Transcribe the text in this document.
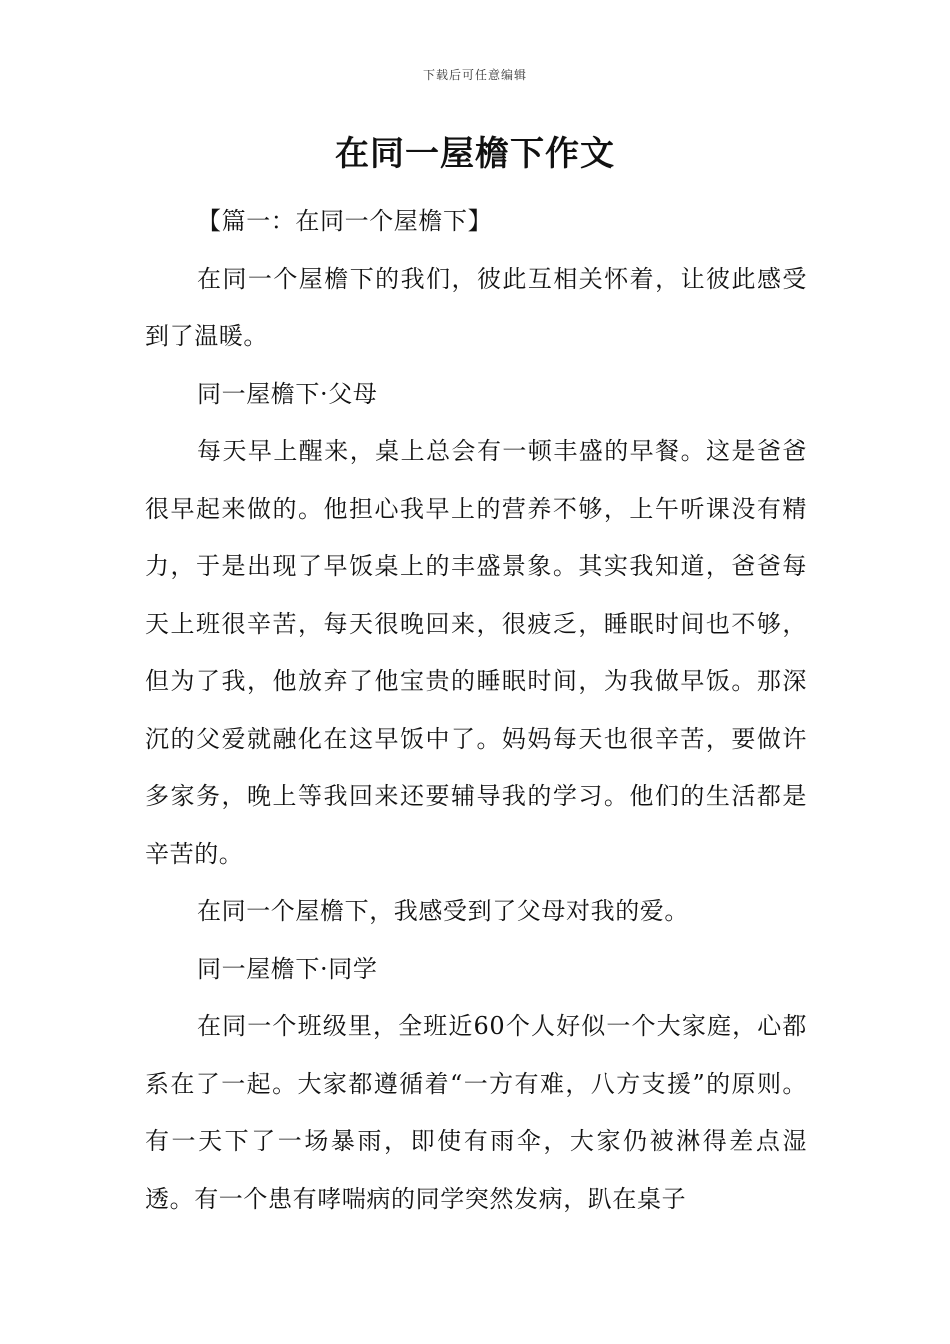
下载后可任意编辑
在同一屋檐下作文

【篇一：在同一个屋檐下】

在同一个屋檐下的我们，彼此互相关怀着，让彼此感受到了温暖。

同一屋檐下·父母

每天早上醒来，桌上总会有一顿丰盛的早餐。这是爸爸很早起来做的。他担心我早上的营养不够，上午听课没有精力，于是出现了早饭桌上的丰盛景象。其实我知道，爸爸每天上班很辛苦，每天很晚回来，很疲乏，睡眠时间也不够，但为了我，他放弃了他宝贵的睡眠时间，为我做早饭。那深沉的父爱就融化在这早饭中了。妈妈每天也很辛苦，要做许多家务，晚上等我回来还要辅导我的学习。他们的生活都是辛苦的。

在同一个屋檐下，我感受到了父母对我的爱。

同一屋檐下·同学

在同一个班级里，全班近60个人好似一个大家庭，心都系在了一起。大家都遵循着“一方有难，八方支援”的原则。有一天下了一场暴雨，即使有雨伞，大家仍被淋得差点湿透。有一个患有哮喘病的同学突然发病，趴在桌子
